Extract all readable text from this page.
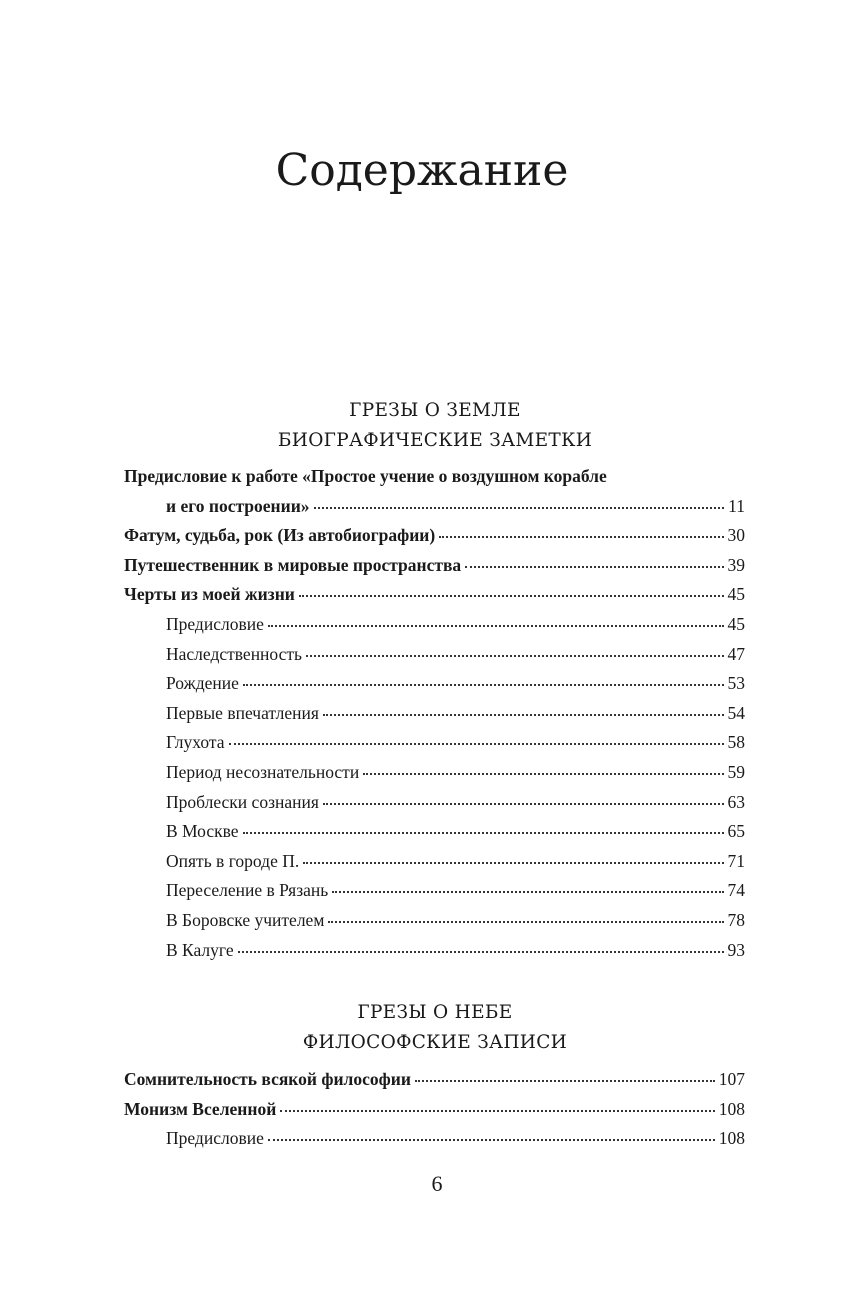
Содержание

ГРЕЗЫ О ЗЕМЛЕ

БИОГРАФИЧЕСКИЕ ЗАМЕТКИ

Предисловие к работе «Простое учение о воздушном корабле
и его построении»	11
Фатум, судьба, рок (Из автобиографии)	30
Путешественник в мировые пространства	39
Черты из моей жизни	45
Предисловие	45
Наследственность	47
Рождение	53
Первые впечатления	54
Глухота	58
Период несознательности	59
Проблески сознания	63
В Москве	65
Опять в городе П.	71
Переселение в Рязань	74
В Боровске учителем	78
В Калуге	93

ГРЕЗЫ О НЕБЕ

ФИЛОСОФСКИЕ ЗАПИСИ

Сомнительность всякой философии	107
Монизм Вселенной	108
Предисловие	108

6
